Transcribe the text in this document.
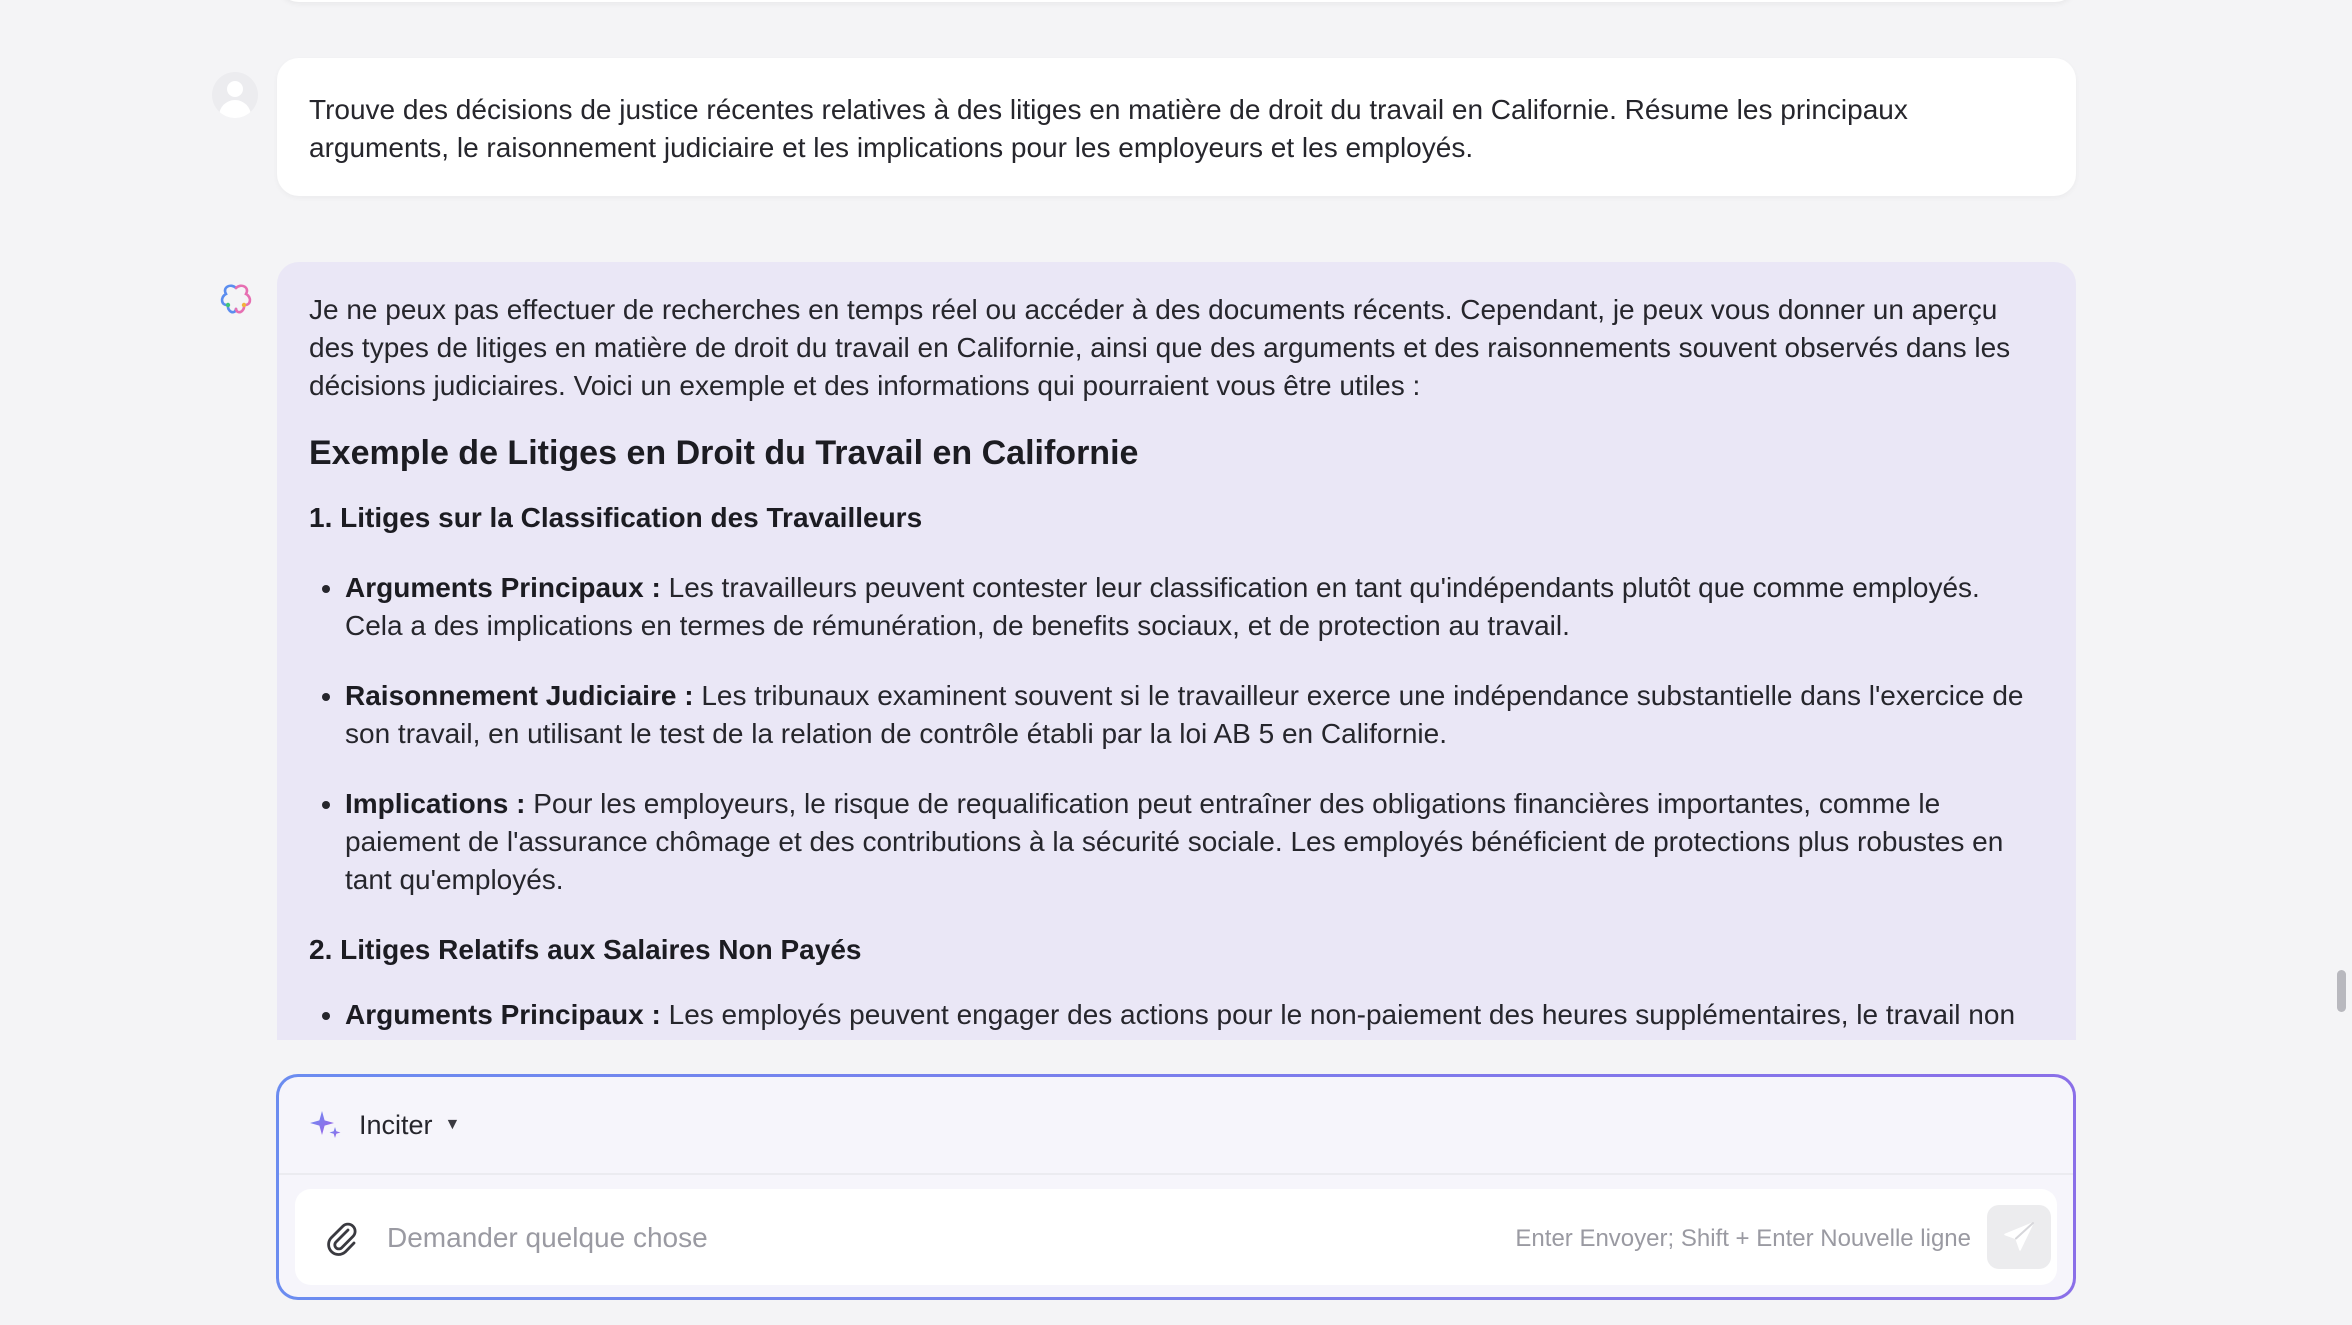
Trouve des décisions de justice récentes relatives à des litiges en matière de droit du travail en Californie. Résume les principaux arguments, le raisonnement judiciaire et les implications pour les employeurs et les employés.

Je ne peux pas effectuer de recherches en temps réel ou accéder à des documents récents. Cependant, je peux vous donner un aperçu des types de litiges en matière de droit du travail en Californie, ainsi que des arguments et des raisonnements souvent observés dans les décisions judiciaires. Voici un exemple et des informations qui pourraient vous être utiles :

Exemple de Litiges en Droit du Travail en Californie
1. Litiges sur la Classification des Travailleurs
• Arguments Principaux : Les travailleurs peuvent contester leur classification en tant qu'indépendants plutôt que comme employés. Cela a des implications en termes de rémunération, de benefits sociaux, et de protection au travail.
• Raisonnement Judiciaire : Les tribunaux examinent souvent si le travailleur exerce une indépendance substantielle dans l'exercice de son travail, en utilisant le test de la relation de contrôle établi par la loi AB 5 en Californie.
• Implications : Pour les employeurs, le risque de requalification peut entraîner des obligations financières importantes, comme le paiement de l'assurance chômage et des contributions à la sécurité sociale. Les employés bénéficient de protections plus robustes en tant qu'employés.
2. Litiges Relatifs aux Salaires Non Payés
• Arguments Principaux : Les employés peuvent engager des actions pour le non-paiement des heures supplémentaires, le travail non
Inciter ▼
Demander quelque chose
Enter Envoyer; Shift + Enter Nouvelle ligne
